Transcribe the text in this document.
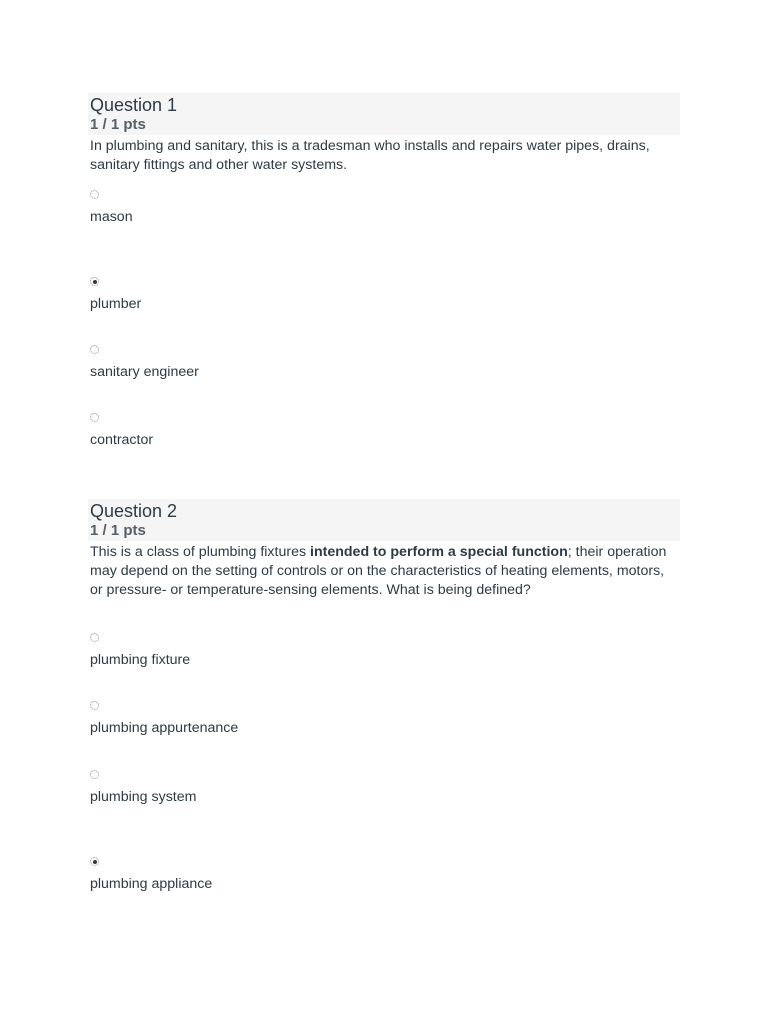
Question 1
1 / 1 pts
In plumbing and sanitary, this is a tradesman who installs and repairs water pipes, drains, sanitary fittings and other water systems.
mason
plumber
sanitary engineer
contractor
Question 2
1 / 1 pts
This is a class of plumbing fixtures intended to perform a special function; their operation may depend on the setting of controls or on the characteristics of heating elements, motors, or pressure- or temperature-sensing elements. What is being defined?
plumbing fixture
plumbing appurtenance
plumbing system
plumbing appliance
